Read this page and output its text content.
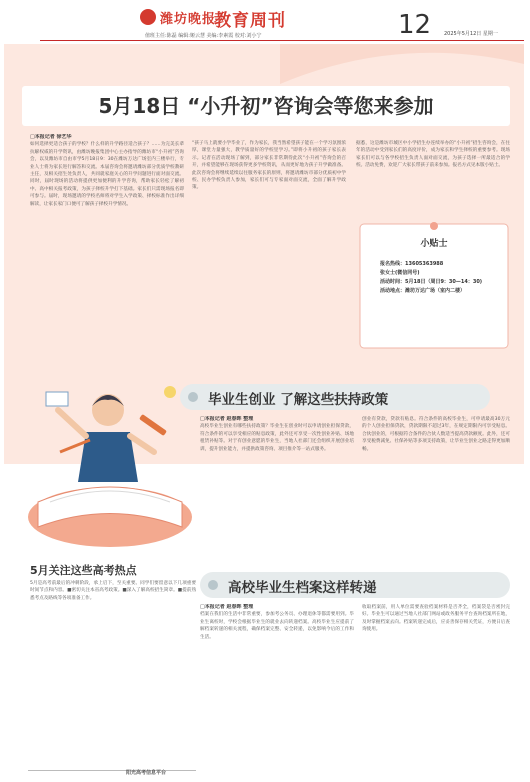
潍坊晚报
教育周刊	12
值班主任:陈磊 编辑:姬云慧 美编:李素霞 校对:刘小宁	2025年5月12日 星期一
5月18日 “小升初”咨询会等您来参加
□本报记者 徐艺华
如何选择更适合孩子的学校？什么样的升学路径适合孩子？……为完美长辈抗解权威的升学资讯，由潍坊晚报集团中心主办指导的潍坊市“小升初”咨询会，以及潍坊市自由市学5月18日9：30在潍坊万达广场室内三楼举行，专业人士将为家长进行解答和交流。本届咨询会将邀请潍坊部分优质学校教研主任，及相关招生处负责人，共同就家庭关心的升学问题进行面对面交流。同时，届时现场的活动将提供更加便利的升学咨询，帮助家长轻松了解初中、高中相关报考政策，为孩子择校升学打下基础。家长们只需现场报名即可参与。届时，现场邀请的学校名师将对学生入学政策、择校标准作出详细解读，让家长家门口便可了解孩子择校升学情况。
“孩子马上就要小学毕业了，作为家长，我当然希望孩子能在一个学习氛围浓厚，课堂力量强大，教学质量好的学校里学习。”即将小升初的孩子家长表示。记者在活动现场了解到，部分家长非常期待此次“小升初”咨询会的召开，并希望能够在现场获得更多学校资讯，从而更好地为孩子升学做准备。此次咨询会将继续延续以往服务家长的原则，将邀请潍坊市部分优质初中学校、民办学校负责人参加，家长们可与专家面对面交流，全面了解升学政策。
据悉，这是潍坊市城区中小学招生办连续举办的“小升初”招生咨询会，在往年的活动中受到家长们的高度评价，成为家长和学生择校的重要参考。现场家长们可以与各学校招生负责人面对面交流，为孩子选择一所最适合的学校。活动免费，欢迎广大家长带孩子前来参加。报名方式见本版小贴士。
小贴士
报名热线：13605363988
张女士(微信同号)
活动时间：5月18日（周日9：30—14：30)
活动地点：潍坊万达广场（室内二楼）
毕业生创业 了解这些扶持政策
□本报记者 赵春晖 整理
高校毕业生创业有哪些扶持政策？毕业生在创业时可以申请创业担保贷款，符合条件的可以享受相应的贴息政策，此外还可享受一次性创业补贴、场地租赁补贴等。对于有创业意愿的毕业生，当地人社部门还会组织开展创业培训，提升创业能力，并提供政策咨询、项目推介等一站式服务。
创业有贷款，贷款有贴息。符合条件的高校毕业生，可申请最高30万元的个人创业担保贷款，贷款期限不超过3年，在规定期限内可享受贴息。合伙创业的，可根据符合条件的合伙人数适当提高贷款额度。此外，还可享受税费减免、社保补贴等多项支持政策，让毕业生创业之路走得更加顺畅。
5月关注这些高考热点
5月是高考前最后的冲刺阶段，承上启下，至关重要。同学们要留意以下几项重要时间节点和内容。■密切关注本省高考政策。■深入了解高校招生简章。■提前熟悉考点及路线等各项准备工作。
阳光高考信息平台
高校毕业生档案这样转递
□本报记者 赵春晖 整理
档案在我们的生活中非常重要，参加考公务员、办理退休等都需要用到。毕业生离校时，学校会根据毕业生的就业去向转递档案。高校毕业生应提前了解档案转递的相关流程，确保档案完整、安全转递，以免影响今后的工作和生活。
收取档案前，用人单位需要查验档案材料是否齐全，档案袋是否密封完好。毕业生可以通过当地人社部门网站或政务服务平台查询档案所在地，及时掌握档案去向。档案转递完成后，应妥善保存相关凭证，方便日后查询使用。
